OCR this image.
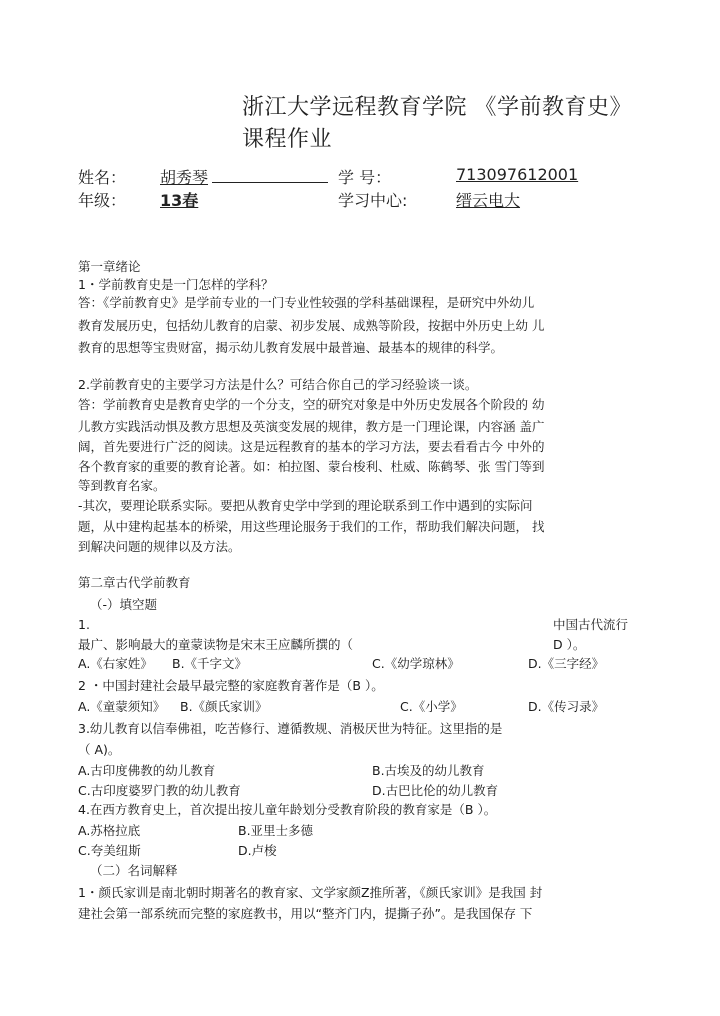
浙江大学远程教育学院 《学前教育史》
课程作业
姓名： 胡秀琴	学 号：	713097612001
年级： 13春	学习中心:	缙云电大
第一章绪论
1・学前教育史是一门怎样的学科？
答：《学前教育史》是学前专业的一门专业性较强的学科基础课程，是研究中外幼儿
教育发展历史，包括幼儿教育的启蒙、初步发展、成熟等阶段，按据中外历史上幼 儿
教育的思想等宝贵财富，揭示幼儿教育发展中最普遍、最基本的规律的科学。
2.学前教育史的主要学习方法是什么？可结合你自己的学习经验谈一谈。
答：学前教育史是教育史学的一个分支，空的研究对象是中外历史发展各个阶段的 幼
儿教方实践活动惧及教方思想及英演变发展的规律，教方是一门理论课，内容涵 盖广
阔，首先要进行广泛的阅读。这是远程教育的基本的学习方法，要去看看古今 中外的
各个教育家的重要的教育论著。如：柏拉图、蒙台梭利、杜威、陈鹤琴、张 雪门等到
等到教育名家。
-其次，要理论联系实际。要把从教育史学中学到的理论联系到工作中遇到的实际问
题，从中建构起基本的桥梁，用这些理论服务于我们的工作，帮助我们解决问题， 找
到解决问题的规律以及方法。
第二章古代学前教育
（-）填空题
1.	中国古代流行
最广、影响最大的童蒙读物是宋末王应麟所撰的（	D ）。
A.《右家姓》 B.《千字文》	C.《幼学琼林》	D.《三字经》
2 ・中国封建社会最早最完整的家庭教育著作是（B ）。
A.《童蒙须知》 B.《颜氏家训》	C.《小学》	D.《传习录》
3.幼儿教育以信奉佛祖，吃苦修行、遵循教规、消极厌世为特征。这里指的是
（ A)。
A.古印度佛教的幼儿教育	B.古埃及的幼儿教育
C.古印度婆罗门教的幼儿教育	D.古巴比伦的幼儿教育
4.在西方教育史上，首次提出按儿童年龄划分受教育阶段的教育家是（B ）。
A.苏格拉底	B.亚里士多德
C.夸美纽斯	D.卢梭
（二）名词解释
1・颜氏家训是南北朝时期著名的教育家、文学家颜Z推所著，《颜氏家训》是我国 封
建社会第一部系统而完整的家庭教书，用以“整齐门内，提撕子孙”。是我国保存 下
